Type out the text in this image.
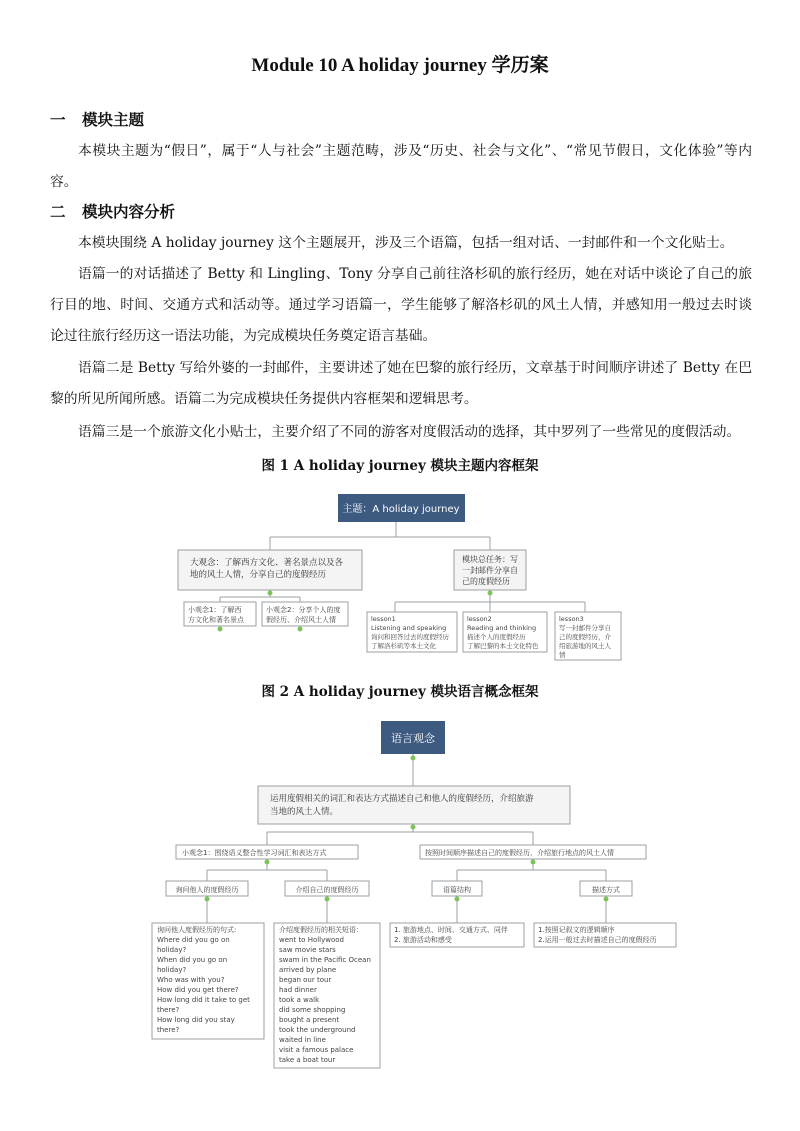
Module 10 A holiday journey 学历案
一 模块主题

本模块主题为“假日”，属于“人与社会”主题范畴，涉及“历史、社会与文化”、“常见节假日，文化体验”等内容。

二 模块内容分析

本模块围绕 A holiday journey 这个主题展开，涉及三个语篇，包括一组对话、一封邮件和一个文化贴士。

语篇一的对话描述了 Betty 和 Lingling、Tony 分享自己前往洛杉矶的旅行经历，她在对话中谈论了自己的旅行目的地、时间、交通方式和活动等。通过学习语篇一，学生能够了解洛杉矶的风土人情，并感知用一般过去时谈论过往旅行经历这一语法功能，为完成模块任务奠定语言基础。

语篇二是 Betty 写给外婆的一封邮件，主要讲述了她在巴黎的旅行经历，文章基于时间顺序讲述了 Betty 在巴黎的所见所闻所感。语篇二为完成模块任务提供内容框架和逻辑思考。

语篇三是一个旅游文化小贴士，主要介绍了不同的游客对度假活动的选择，其中罗列了一些常见的度假活动。

图 1 A holiday journey 模块主题内容框架
图 2 A holiday journey 模块语言概念框架
主题：A holiday journey
大观念：了解西方文化、著名景点以及各
地的风土人情，分享自己的度假经历
模块总任务：写
一封邮件分享自
己的度假经历
小观念1：了解西
方文化和著名景点
小观念2：分享个人的度
假经历、介绍风土人情	lesson1
Listening and speaking
询问和回答过去的度假经历
了解洛杉矶等本土文化
lesson2
Reading and thinking
描述个人的度假经历
了解巴黎的本土文化特色
lesson3
写一封邮件分享自
己的度假经历，介
绍旅游地的风土人
情
语言观念
运用度假相关的词汇和表达方式描述自己和他人的度假经历，介绍旅游
当地的风土人情。
小观念1：围绕语义整合性学习词汇和表达方式	按照时间顺序描述自己的度假经历，介绍旅行地点的风土人情
询问他人的度假经历	介绍自己的度假经历	语篇结构	描述方式
询问他人度假经历的句式:
Where did you go on
holiday?
When did you go on
holiday?
Who was with you?
How did you get there?
How long did it take to get
there?
How long did you stay
there?
介绍度假经历的相关短语：
went to Hollywood
saw movie stars
swam in the Pacific Ocean
arrived by plane
began our tour
had dinner
took a walk
did some shopping
bought a present
took the underground
waited in line
visit a famous palace
take a boat tour
1. 旅游地点、时间、交通方式、同伴
2. 旅游活动和感受
1.按照记叙文的逻辑顺序
2.运用一般过去时描述自己的度假经历
